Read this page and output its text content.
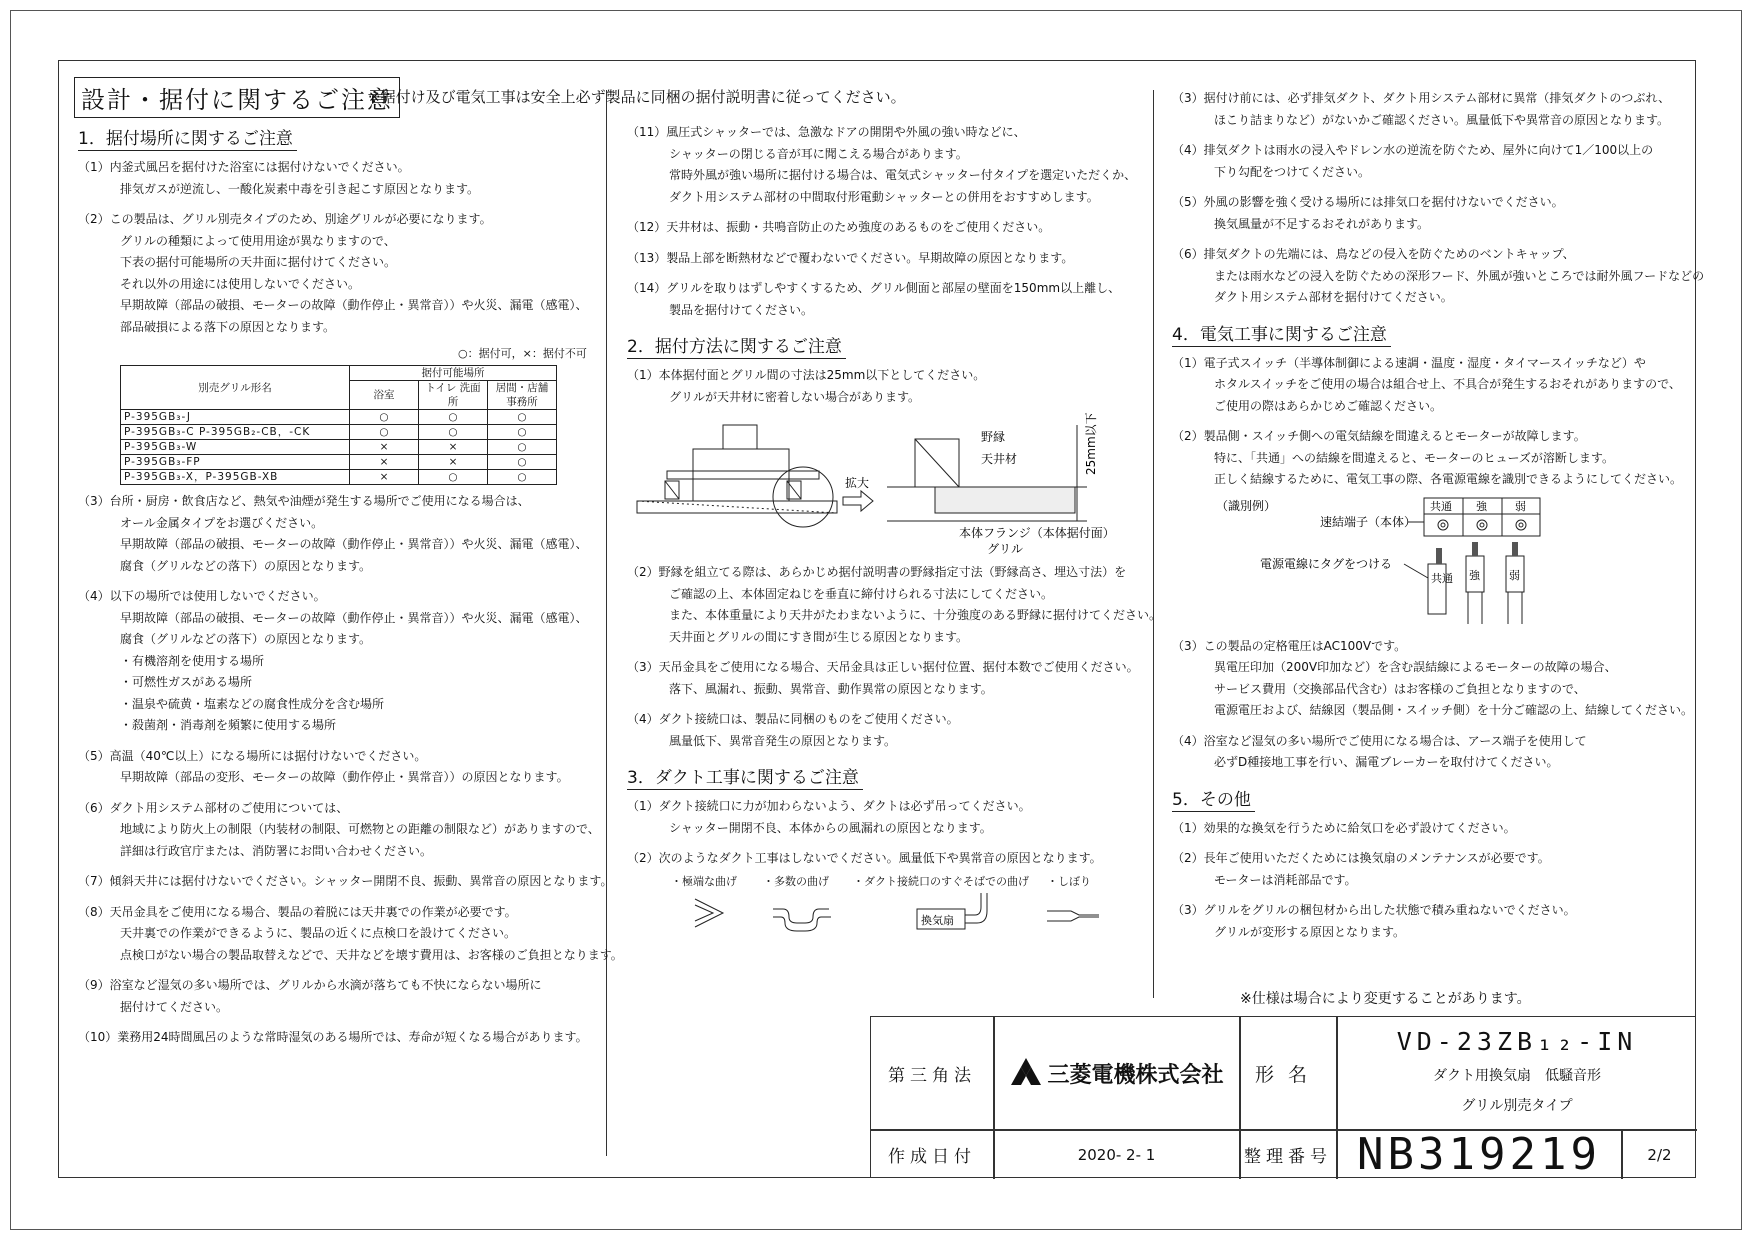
設計・据付に関するご注意
※据付け及び電気工事は安全上必ず製品に同梱の据付説明書に従ってください。
1．据付場所に関するご注意
（1）内釜式風呂を据付けた浴室には据付けないでください。
排気ガスが逆流し、一酸化炭素中毒を引き起こす原因となります。
（2）この製品は、グリル別売タイプのため、別途グリルが必要になります。
グリルの種類によって使用用途が異なりますので、
下表の据付可能場所の天井面に据付けてください。
それ以外の用途には使用しないでください。
早期故障（部品の破損、モーターの故障（動作停止・異常音））や火災、漏電（感電）、
部品破損による落下の原因となります。
○：据付可，×：据付不可
別売グリル形名	据付可能場所		
	浴室	トイレ 洗面所	居間・店舗 事務所
P-395GB₃-J	○	○	○
P-395GB₃-C P-395GB₂-CB，-CK	○	○	○
P-395GB₃-W	×	×	○
P-395GB₃-FP	×	×	○
P-395GB₃-X，P-395GB-XB	×	○	○
（3）台所・厨房・飲食店など、熱気や油煙が発生する場所でご使用になる場合は、
オール金属タイプをお選びください。
早期故障（部品の破損、モーターの故障（動作停止・異常音））や火災、漏電（感電）、
腐食（グリルなどの落下）の原因となります。
（4）以下の場所では使用しないでください。
早期故障（部品の破損、モーターの故障（動作停止・異常音））や火災、漏電（感電）、
腐食（グリルなどの落下）の原因となります。
・有機溶剤を使用する場所
・可燃性ガスがある場所
・温泉や硫黄・塩素などの腐食性成分を含む場所
・殺菌剤・消毒剤を頻繁に使用する場所
（5）高温（40℃以上）になる場所には据付けないでください。
早期故障（部品の変形、モーターの故障（動作停止・異常音））の原因となります。
（6）ダクト用システム部材のご使用については、
地域により防火上の制限（内装材の制限、可燃物との距離の制限など）がありますので、
詳細は行政官庁または、消防署にお問い合わせください。
（7）傾斜天井には据付けないでください。シャッター開閉不良、振動、異常音の原因となります。
（8）天吊金具をご使用になる場合、製品の着脱には天井裏での作業が必要です。
天井裏での作業ができるように、製品の近くに点検口を設けてください。
点検口がない場合の製品取替えなどで、天井などを壊す費用は、お客様のご負担となります。
（9）浴室など湿気の多い場所では、グリルから水滴が落ちても不快にならない場所に
据付けてください。
（10）業務用24時間風呂のような常時湿気のある場所では、寿命が短くなる場合があります。
（11）風圧式シャッターでは、急激なドアの開閉や外風の強い時などに、
シャッターの閉じる音が耳に聞こえる場合があります。
常時外風が強い場所に据付ける場合は、電気式シャッター付タイプを選定いただくか、
ダクト用システム部材の中間取付形電動シャッターとの併用をおすすめします。
（12）天井材は、振動・共鳴音防止のため強度のあるものをご使用ください。
（13）製品上部を断熱材などで覆わないでください。早期故障の原因となります。
（14）グリルを取りはずしやすくするため、グリル側面と部屋の壁面を150mm以上離し、
製品を据付けてください。
2．据付方法に関するご注意
（1）本体据付面とグリル間の寸法は25mm以下としてください。
グリルが天井材に密着しない場合があります。
拡大
野縁
天井材	25mm以下
本体フランジ（本体据付面）
グリル
（2）野縁を組立てる際は、あらかじめ据付説明書の野縁指定寸法（野縁高さ、埋込寸法）を
ご確認の上、本体固定ねじを垂直に締付けられる寸法にしてください。
また、本体重量により天井がたわまないように、十分強度のある野縁に据付けてください。
天井面とグリルの間にすき間が生じる原因となります。
（3）天吊金具をご使用になる場合、天吊金具は正しい据付位置、据付本数でご使用ください。
落下、風漏れ、振動、異常音、動作異常の原因となります。
（4）ダクト接続口は、製品に同梱のものをご使用ください。
風量低下、異常音発生の原因となります。
3．ダクト工事に関するご注意
（1）ダクト接続口に力が加わらないよう、ダクトは必ず吊ってください。
シャッター開閉不良、本体からの風漏れの原因となります。
（2）次のようなダクト工事はしないでください。風量低下や異常音の原因となります。
・極端な曲げ ・多数の曲げ ・ダクト接続口のすぐそばでの曲げ ・しぼり
換気扇
（3）据付け前には、必ず排気ダクト、ダクト用システム部材に異常（排気ダクトのつぶれ、
ほこり詰まりなど）がないかご確認ください。風量低下や異常音の原因となります。
（4）排気ダクトは雨水の浸入やドレン水の逆流を防ぐため、屋外に向けて1／100以上の
下り勾配をつけてください。
（5）外風の影響を強く受ける場所には排気口を据付けないでください。
換気風量が不足するおそれがあります。
（6）排気ダクトの先端には、鳥などの侵入を防ぐためのベントキャップ、
または雨水などの浸入を防ぐための深形フード、外風が強いところでは耐外風フードなどの
ダクト用システム部材を据付けてください。
4．電気工事に関するご注意
（1）電子式スイッチ（半導体制御による速調・温度・湿度・タイマースイッチなど）や
ホタルスイッチをご使用の場合は組合せ上、不具合が発生するおそれがありますので、
ご使用の際はあらかじめご確認ください。
（2）製品側・スイッチ側への電気結線を間違えるとモーターが故障します。
特に、「共通」への結線を間違えると、モーターのヒューズが溶断します。
正しく結線するために、電気工事の際、各電源電線を識別できるようにしてください。
（識別例）	共通 強	弱
速結端子（本体）
電源電線にタグをつける
共通 強	弱
（3）この製品の定格電圧はAC100Vです。
異電圧印加（200V印加など）を含む誤結線によるモーターの故障の場合、
サービス費用（交換部品代含む）はお客様のご負担となりますので、
電源電圧および、結線図（製品側・スイッチ側）を十分ご確認の上、結線してください。
（4）浴室など湿気の多い場所でご使用になる場合は、アース端子を使用して
必ずD種接地工事を行い、漏電ブレーカーを取付けてください。
5．その他
（1）効果的な換気を行うために給気口を必ず設けてください。
（2）長年ご使用いただくためには換気扇のメンテナンスが必要です。
モーターは消耗部品です。
（3）グリルをグリルの梱包材から出した状態で積み重ねないでください。
グリルが変形する原因となります。
※仕様は場合により変更することがあります。
第三角法	三菱電機株式会社	形名
VD-23ZB₁₂-IN
ダクト用換気扇　低騒音形
グリル別売タイプ
作成日付	2020- 2- 1	整理番号 NB319219	2/2
